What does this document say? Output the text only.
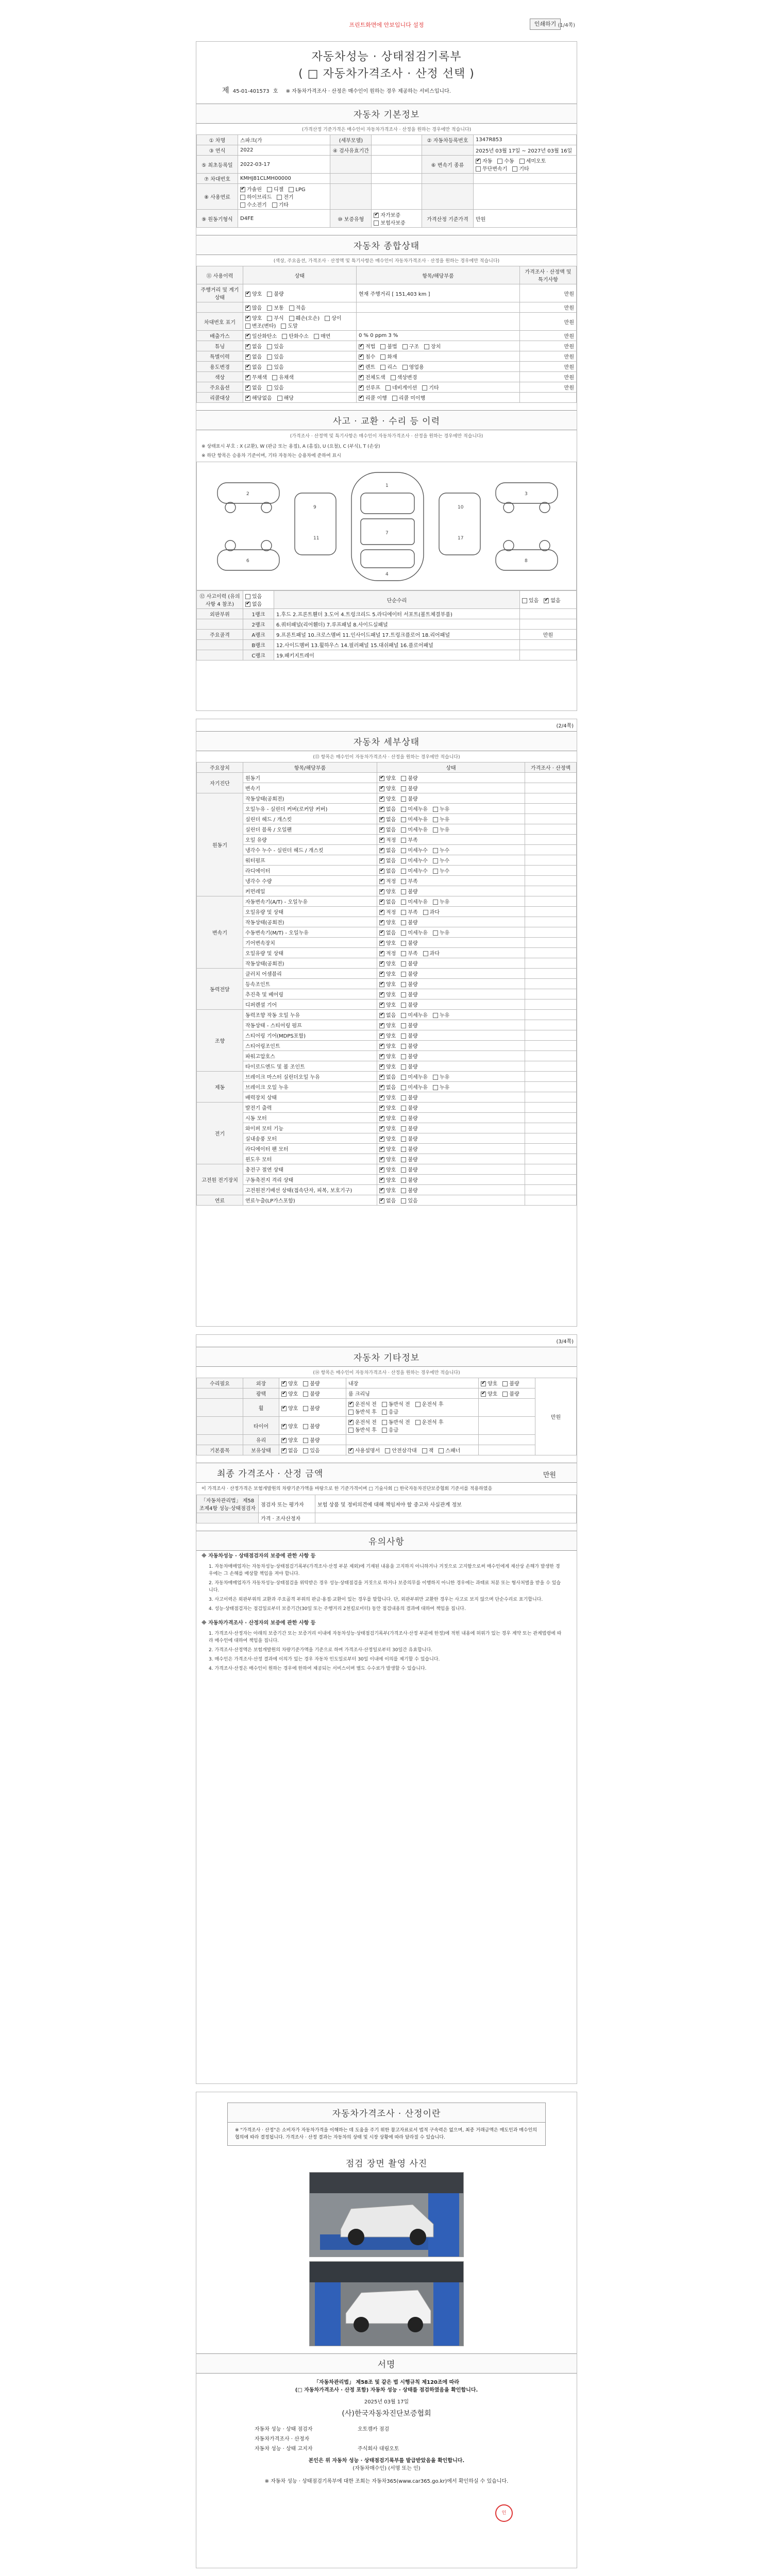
프린트화면에 안보입니다 설정	인쇄하기 (1/4쪽)
자동차성능 · 상태점검기록부
( □ 자동차가격조사 · 산정 선택 )
제 45-01-401573 호 ※ 자동차가격조사 · 산정은 매수인이 원하는 경우 제공하는 서비스입니다.
자동차 기본정보
(가격산정 기준가격은 매수인이 자동차가격조사 · 산정을 원하는 경우에만 적습니다)
① 차명	스파크(가	(세부모델)		② 자동차등록번호	1347R853
③ 연식	2022	④ 검사유효기간			2025년 03월 17일 ~ 2027년 03월 16일
⑤ 최초등록일	2022-03-17			⑥ 변속기 종류	✔자동 수동 세미오토무단변속기 기타
⑦ 차대번호	KMHJ81CLMH00000				
⑧ 사용연료	✔가솔린 디젤 LPG하이브리드 전기수소전기 기타				
⑨ 원동기형식	D4FE	⑩ 보증유형	✔자가보증보험사보증	가격산정 기준가격	만원
자동차 종합상태
(색상, 주요옵션, 가격조사 · 산정액 및 특기사항은 매수인이 자동차가격조사 · 산정을 원하는 경우에만 적습니다)
⑪ 사용이력	상태	항목/해당부품	가격조사 · 산정액 및 특기사항
주행거리 및 계기상태	✔양호 불량	현재 주행거리 [ 151,403 km ]	만원
	✔많음 보통 적음		만원
차대번호 표기	✔양호 부식 훼손(오손) 상이변조(변타) 도말		만원
배출가스	✔일산화탄소 탄화수소 매연	0 % 0 ppm 3 %	만원
튜닝	✔없음 있음	✔적법 불법 구조 장치	만원
특별이력	✔없음 있음	✔침수 화재	만원
용도변경	✔없음 있음	✔렌트 리스 영업용	만원
색상	✔무채색 유채색	✔전체도색 색상변경	만원
주요옵션	✔없음 있음	✔선루프 네비게이션 기타	만원
리콜대상	✔해당없음 해당	✔리콜 이행 리콜 미이행	
사고 · 교환 · 수리 등 이력
(가격조사 · 산정액 및 특기사항은 매수인이 자동차가격조사 · 산정을 원하는 경우에만 적습니다)
※ 상태표시 부호 : X (교환), W (판금 또는 용접), A (흠집), U (요철), C (부식), T (손상)
※ 하단 항목은 승용차 기준이며, 기타 자동차는 승용차에 준하여 표시
1
7
4
9
11
10
17
2
6
3
8
⑫ 사고이력 (유의사항 4 참조)	있음✔없음	단순수리	있음 ✔ 없음
외판부위	1랭크	1.후드 2.프론트휀더 3.도어 4.트렁크리드 5.라디에이터 서포트(볼트체결부품)	
	2랭크	6.쿼터패널(리어휀더) 7.루프패널 8.사이드실패널	
주요골격	A랭크	9.프론트패널 10.크로스멤버 11.인사이드패널 17.트렁크플로어 18.리어패널	만원
	B랭크	12.사이드멤버 13.휠하우스 14.필러패널 15.대쉬패널 16.플로어패널	
	C랭크	19.패키지트레이	
(2/4쪽)
자동차 세부상태
(⑬ 항목은 매수인이 자동차가격조사 · 산정을 원하는 경우에만 적습니다)
주요장치	항목/해당부품	상태	가격조사 · 산정액
자기진단	원동기	✔양호 불량	
	변속기	✔양호 불량	
원동기	작동상태(공회전)	✔양호 불량	
	오일누유 - 실린더 커버(로커암 커버)	✔없음 미세누유 누유	
	실린더 헤드 / 개스킷	✔없음 미세누유 누유	
	실린더 블록 / 오일팬	✔없음 미세누유 누유	
	오일 유량	✔적정 부족	
	냉각수 누수 - 실린더 헤드 / 개스킷	✔없음 미세누수 누수	
	워터펌프	✔없음 미세누수 누수	
	라디에이터	✔없음 미세누수 누수	
	냉각수 수량	✔적정 부족	
	커먼레일	✔양호 불량	
변속기	자동변속기(A/T) - 오일누유	✔없음 미세누유 누유	
	오일유량 및 상태	✔적정 부족 과다	
	작동상태(공회전)	✔양호 불량	
	수동변속기(M/T) - 오일누유	✔없음 미세누유 누유	
	기어변속장치	✔양호 불량	
	오일유량 및 상태	✔적정 부족 과다	
	작동상태(공회전)	✔양호 불량	
동력전달	클러치 어셈블리	✔양호 불량	
	등속조인트	✔양호 불량	
	추진축 및 베어링	✔양호 불량	
	디퍼렌셜 기어	✔양호 불량	
조향	동력조향 작동 오일 누유	✔없음 미세누유 누유	
	작동상태 - 스티어링 펌프	✔양호 불량	
	스티어링 기어(MDPS포함)	✔양호 불량	
	스티어링조인트	✔양호 불량	
	파워고압호스	✔양호 불량	
	타이로드엔드 및 볼 조인트	✔양호 불량	
제동	브레이크 마스터 실린더오일 누유	✔없음 미세누유 누유	
	브레이크 오일 누유	✔없음 미세누유 누유	
	배력장치 상태	✔양호 불량	
전기	발전기 출력	✔양호 불량	
	시동 모터	✔양호 불량	
	와이퍼 모터 기능	✔양호 불량	
	실내송풍 모터	✔양호 불량	
	라디에이터 팬 모터	✔양호 불량	
	윈도우 모터	✔양호 불량	
고전원 전기장치	충전구 절연 상태	✔양호 불량	
	구동축전지 격리 상태	✔양호 불량	
	고전원전기배선 상태(접속단자, 피복, 보호기구)	✔양호 불량	
연료	연료누출(LP가스포함)	✔없음 있음	
(3/4쪽)
자동차 기타정보
(⑭ 항목은 매수인이 자동차가격조사 · 산정을 원하는 경우에만 적습니다)
수리필요	외장	✔양호 불량	내장	✔양호 불량	만원
	광택	✔양호 불량	룸 크리닝	✔양호 불량
	휠	✔양호 불량	✔운전석 전 동반석 전 운전석 후동반석 후 응급	
	타이어	✔양호 불량	✔운전석 전 동반석 전 운전석 후동반석 후 응급	
	유리	✔양호 불량		
기본품목	보유상태	✔없음 있음	✔사용설명서 안전삼각대 잭 스패너	
최종 가격조사 · 산정 금액	만원
이 가격조사 · 산정가격은 보험개발원의 차량기준가액을 바탕으로 한 기준가격이며 □ 기술사회 □ 한국자동차진단보증협회 기준서를 적용하였음
「자동차관리법」 제58조제4항 성능·상태점검자	점검자 또는 평가자	보험 상품 및 정비의견에 대해 책임져야 할 중고차 사실관계 정보
	가격 · 조사산정자	
유의사항
※ 자동차성능 · 상태점검자의 보증에 관한 사항 등
1. 자동차매매업자는 자동차성능·상태점검기록부(가격조사·산정 부분 제외)에 기재된 내용을 고지하지 아니하거나 거짓으로 고지함으로써 매수인에게 재산상 손해가 발생한 경우에는 그 손해를 배상할 책임을 져야 합니다.
2. 자동차매매업자가 자동차성능·상태점검을 위탁받은 경우 성능·상태점검을 거짓으로 하거나 보증의무를 이행하지 아니한 경우에는 과태료 처분 또는 형사처벌을 받을 수 있습니다.
3. 사고이력은 외판부위의 교환과 주요골격 부위의 판금·용접·교환이 있는 경우를 말합니다. 단, 외판부위만 교환한 경우는 사고로 보지 않으며 단순수리로 표기합니다.
4. 성능·상태점검자는 점검일로부터 보증기간(30일 또는 주행거리 2천킬로미터) 동안 점검내용의 결과에 대하여 책임을 집니다.
※ 자동차가격조사 · 산정자의 보증에 관한 사항 등
1. 가격조사·산정자는 아래의 보증기간 또는 보증거리 이내에 자동차성능·상태점검기록부(가격조사·산정 부분에 한정)에 적힌 내용에 허위가 있는 경우 계약 또는 관계법령에 따라 매수인에 대하여 책임을 집니다.
2. 가격조사·산정액은 보험개발원의 차량기준가액을 기준으로 하며 가격조사·산정일로부터 30일간 유효합니다.
3. 매수인은 가격조사·산정 결과에 이의가 있는 경우 자동차 인도일로부터 30일 이내에 이의를 제기할 수 있습니다.
4. 가격조사·산정은 매수인이 원하는 경우에 한하여 제공되는 서비스이며 별도 수수료가 발생할 수 있습니다.
자동차가격조사 · 산정이란
※ "가격조사 · 산정"은 소비자가 자동차가격을 이해하는 데 도움을 주기 위한 참고자료로서 법적 구속력은 없으며, 최종 거래금액은 매도인과 매수인의 협의에 따라 결정됩니다. 가격조사 · 산정 결과는 자동차의 상태 및 시장 상황에 따라 달라질 수 있습니다.
점검 장면 촬영 사진
서명
「자동차관리법」 제58조 및 같은 법 시행규칙 제120조에 따라
(□ 자동차가격조사 · 산정 포함) 자동차 성능 · 상태를 점검하였음을 확인합니다.
2025년 03월 17일
(사)한국자동차진단보증협회
자동차 성능 · 상태 점검자	오토캠카 점검
자동차가격조사 · 산정자	
자동차 성능 · 상태 고지자	주식회사 대림오토
인
본인은 위 자동차 성능 · 상태점검기록부를 발급받았음을 확인합니다.
(자동차매수인) (서명 또는 인)
※ 자동차 성능 · 상태점검기록부에 대한 조회는 자동차365(www.car365.go.kr)에서 확인하실 수 있습니다.
